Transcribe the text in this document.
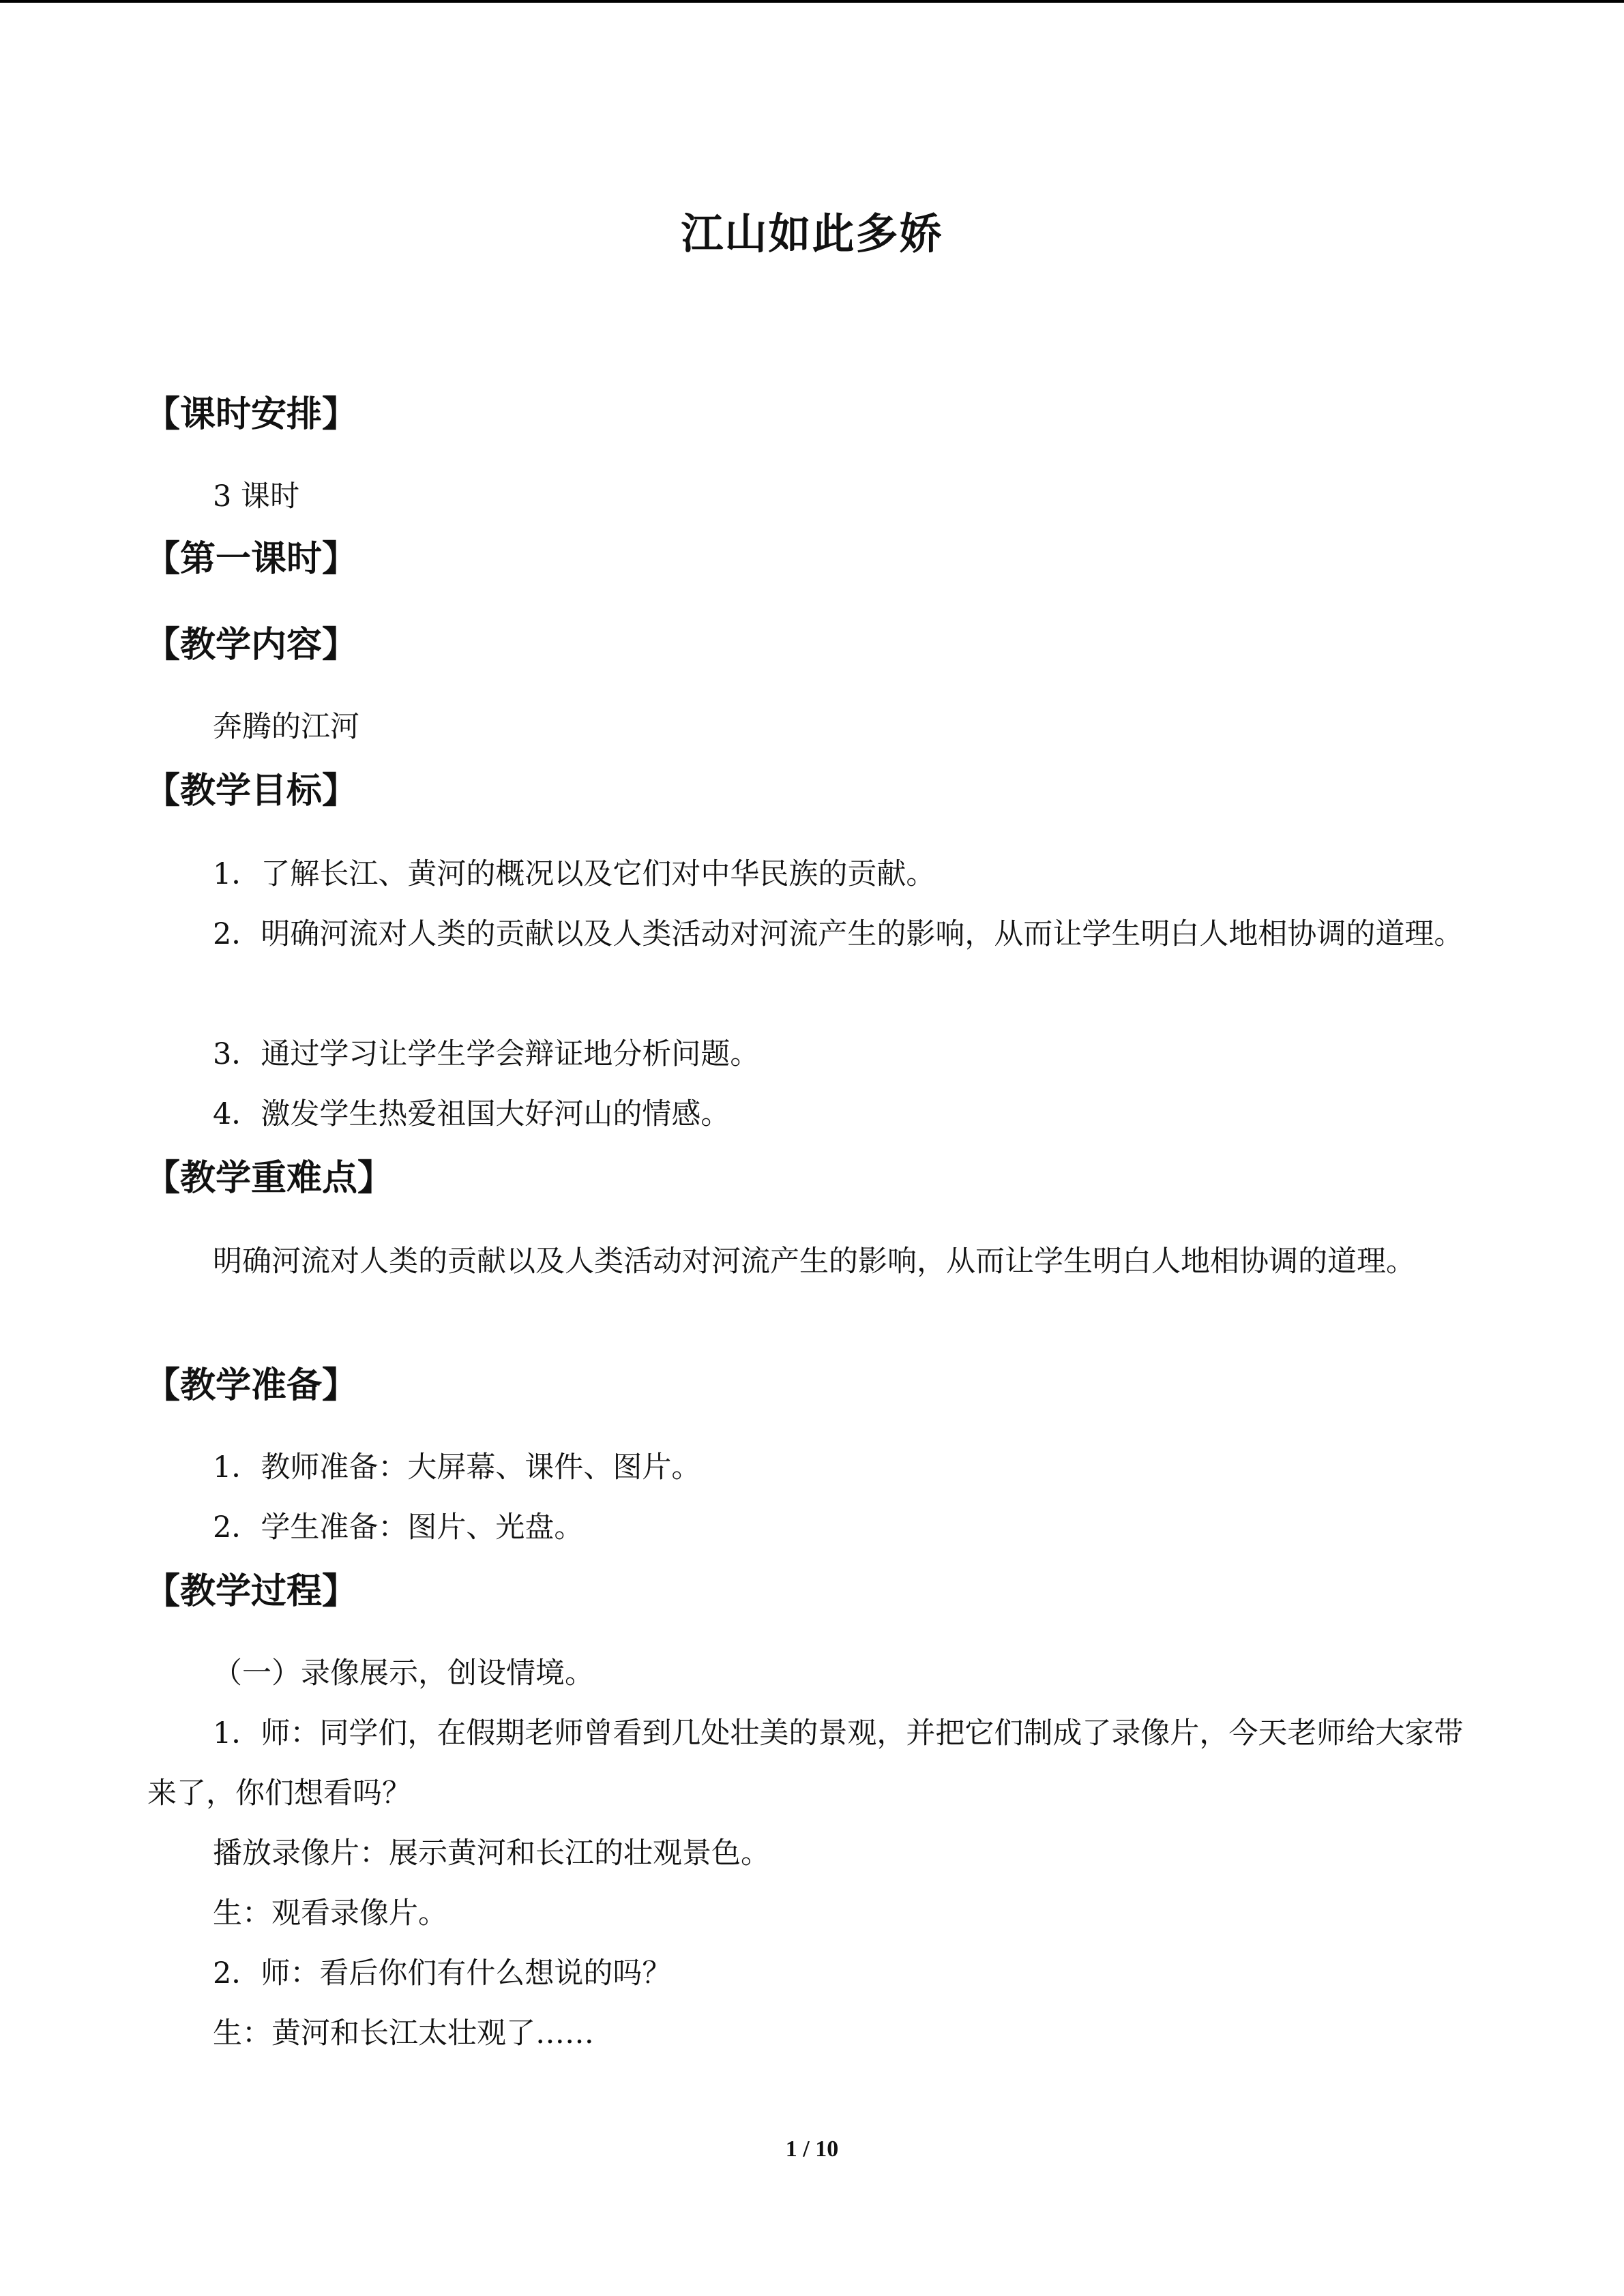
江山如此多娇
【课时安排】
3 课时
【第一课时】
【教学内容】
奔腾的江河
【教学目标】
1．了解长江、黄河的概况以及它们对中华民族的贡献。
2．明确河流对人类的贡献以及人类活动对河流产生的影响，从而让学生明白人地相协调的道理。
3．通过学习让学生学会辩证地分析问题。
4．激发学生热爱祖国大好河山的情感。
【教学重难点】
明确河流对人类的贡献以及人类活动对河流产生的影响，从而让学生明白人地相协调的道理。
【教学准备】
1．教师准备：大屏幕、课件、图片。
2．学生准备：图片、光盘。
【教学过程】
（一）录像展示，创设情境。
1．师：同学们，在假期老师曾看到几处壮美的景观，并把它们制成了录像片，今天老师给大家带来了，你们想看吗？
播放录像片：展示黄河和长江的壮观景色。
生：观看录像片。
2．师：看后你们有什么想说的吗？
生：黄河和长江太壮观了……
1 / 10
